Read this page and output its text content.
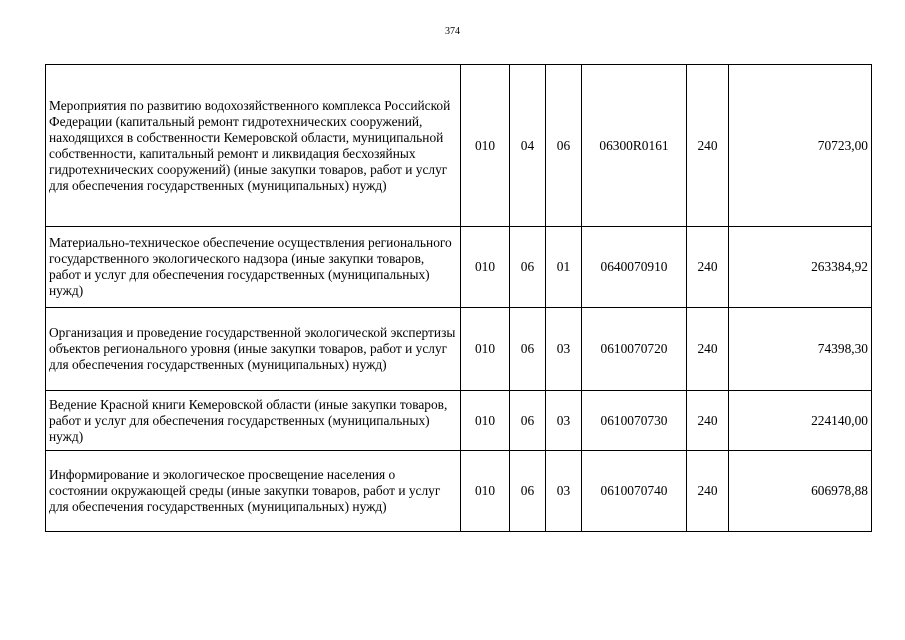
374
Мероприятия по развитию водохозяйственного комплекса Российской Федерации (капитальный ремонт гидротехнических сооружений, находящихся в собственности Кемеровской области, муниципальной собственности, капитальный ремонт и ликвидация бесхозяйных гидротехнических сооружений) (иные закупки товаров, работ и услуг для обеспечения государственных (муниципальных) нужд)	010	04	06	06300R0161	240	70723,00
Материально-техническое обеспечение осуществления регионального государственного экологического надзора (иные закупки товаров, работ и услуг для обеспечения государственных (муниципальных) нужд)	010	06	01	0640070910	240	263384,92
Организация и проведение государственной экологической экспертизы объектов регионального уровня (иные закупки товаров, работ и услуг для обеспечения государственных (муниципальных) нужд)	010	06	03	0610070720	240	74398,30
Ведение Красной книги Кемеровской области (иные закупки товаров, работ и услуг для обеспечения государственных (муниципальных) нужд)	010	06	03	0610070730	240	224140,00
Информирование и экологическое просвещение населения о состоянии окружающей среды (иные закупки товаров, работ и услуг для обеспечения государственных (муниципальных) нужд)	010	06	03	0610070740	240	606978,88
